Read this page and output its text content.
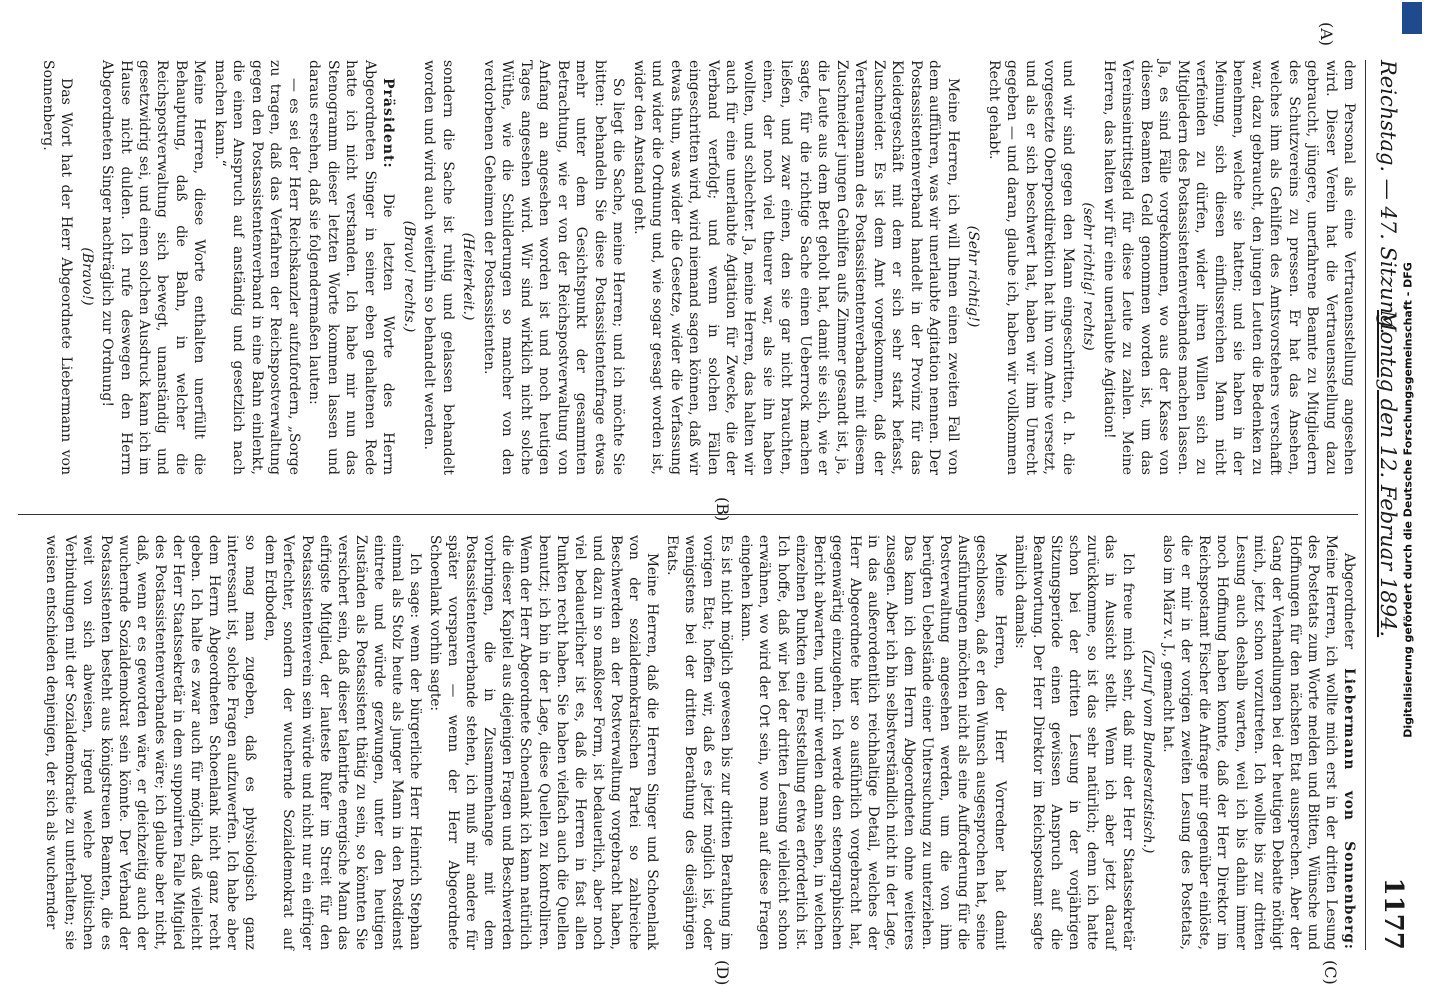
Reichstag. — 47. Sitzung.
Montag den 12. Februar 1894.
1177
(A)
(B)
(C)
(D)

dem Personal als eine Vertrauensstellung angesehen wird. Dieser Verein hat die Vertrauensstellung dazu gebraucht, jüngere, unerfahrene Beamte zu Mitgliedern des Schutzvereins zu pressen. Er hat das Ansehen, welches ihm als Gehilfen des Amtsvorstehers verschafft war, dazu gebraucht, den jungen Leuten die Bedenken zu benehmen, welche sie hatten; und sie haben in der Meinung, sich diesen einflussreichen Mann nicht verfeinden zu dürfen, wider ihren Willen sich zu Mitgliedern des Postassistentenverbandes machen lassen. Ja, es sind Fälle vorgekommen, wo aus der Kasse von diesem Beamten Geld genommen worden ist, um das Vereinseintrittsgeld für diese Leute zu zahlen. Meine Herren, das halten wir für eine unerlaubte Agitation!

(sehr richtig! rechts)

und wir sind gegen den Mann eingeschritten, d. h. die vorgesetzte Oberpostdirektion hat ihn vom Amte versetzt, und als er sich beschwert hat, haben wir ihm Unrecht gegeben — und daran, glaube ich, haben wir vollkommen Recht gehabt.

(Sehr richtig!)

Meine Herren, ich will Ihnen einen zweiten Fall von dem aufführen, was wir unerlaubte Agitation nennen. Der Postassistentenverband handelt in der Provinz für das Kleidergeschäft mit dem er sich sehr stark befasst, Zuschneider. Es ist dem Amt vorgekommen, daß der Vertrauensmann des Postassistentenverbands mit diesem Zuschneider jungen Gehilfen aufs Zimmer gesandt ist, ja, die Leute aus dem Bett geholt hat, damit sie sich, wie er sagte, für die richtige Sache einen Ueberrock machen ließen, und zwar einen, den sie gar nicht brauchten, einen, der noch viel theurer war, als sie ihn haben wollten, und schlechter. Ja, meine Herren, das halten wir auch für eine unerlaubte Agitation für Zwecke, die der Verband verfolgt; und wenn in solchen Fällen eingeschritten wird, wird niemand sagen können, daß wir etwas thun, was wider die Gesetze, wider die Verfassung und wider die Ordnung und, wie sogar gesagt worden ist, wider den Anstand geht.

So liegt die Sache, meine Herren; und ich möchte Sie bitten: behandeln Sie diese Postassistentenfrage etwas mehr unter dem Gesichtspunkt der gesammten Betrachtung, wie er von der Reichspostverwaltung von Anfang an angesehen worden ist und noch heutigen Tages angesehen wird. Wir sind wirklich nicht solche Wüthe, wie die Schilderungen so mancher von den verdorbenen Geheimen der Postassistenten.

(Heiterkeit.)

sondern die Sache ist ruhig und gelassen behandelt worden und wird auch weiterhin so behandelt werden.

(Bravo! rechts.)

Präsident: Die letzten Worte des Herrn Abgeordneten Singer in seiner eben gehaltenen Rede hatte ich nicht verstanden. Ich habe mir nun das Stenogramm dieser letzten Worte kommen lassen und daraus ersehen, daß sie folgendermaßen lauten:

— es sei der Herr Reichskanzler aufzufordern, „Sorge zu tragen, daß das Verfahren der Reichspostverwaltung gegen den Postassistentenverband in eine Bahn einlenkt, die einen Anspruch auf anständig und gesetzlich nach machen kann.“

Meine Herren, diese Worte enthalten unerfüllt die Behauptung, daß die Bahn, in welcher die Reichspostverwaltung sich bewegt, unanständig und gesetzwidrig sei, und einen solchen Ausdruck kann ich im Hause nicht dulden. Ich rufe deswegen den Herrn Abgeordneten Singer nachträglich zur Ordnung!

(Bravo!)

Das Wort hat der Herr Abgeordnete Liebermann von Sonnenberg.

Abgeordneter Liebermann von Sonnenberg: Meine Herren, ich wollte mich erst in der dritten Lesung des Postetats zum Worte melden und Bitten, Wünsche und Hoffnungen für den nächsten Etat aussprechen. Aber der Gang der Verhandlungen bei der heutigen Debatte nöthigt mich, jetzt schon vorzutreten. Ich wollte bis zur dritten Lesung auch deshalb warten, weil ich bis dahin immer noch Hoffnung haben konnte, daß der Herr Direktor im Reichspostamt Fischer die Anfrage mir gegenüber einlöste, die er mir in der vorigen zweiten Lesung des Postetats, also im März v. J., gemacht hat.

(Zuruf vom Bundesratstisch.)

Ich freue mich sehr, daß mir der Herr Staatssekretär das in Aussicht stellt. Wenn ich aber jetzt darauf zurückkomme, so ist das sehr natürlich; denn ich hatte schon bei der dritten Lesung in der vorjährigen Sitzungsperiode einen gewissen Anspruch auf die Beantwortung. Der Herr Direktor im Reichspostamt sagte nämlich damals:

Meine Herren, der Herr Vorredner hat damit geschlossen, daß er den Wunsch ausgesprochen hat, seine Ausführungen möchten nicht als eine Aufforderung für die Postverwaltung angesehen werden, um die von ihm berügten Uebelstände einer Untersuchung zu unterziehen. Das kann ich dem Herrn Abgeordneten ohne weiteres zusagen. Aber ich bin selbstverständlich nicht in der Lage, in das außerordentlich reichhaltige Detail, welches der Herr Abgeordnete hier so ausführlich vorgebracht hat, gegenwärtig einzugehen. Ich werde den stenographischen Bericht abwarten, und mir werden dann sehen, in welchen einzelnen Punkten eine Feststellung etwa erforderlich ist. Ich hoffe, daß wir bei der dritten Lesung vielleicht schon erwähnen, wo wird der Ort sein, wo man auf diese Fragen eingehen kann.

Es ist nicht möglich gewesen bis zur dritten Berathung im vorigen Etat; hoffen wir, daß es jetzt möglich ist, oder wenigstens bei der dritten Berathung des diesjährigen Etats.

Meine Herren, daß die Herren Singer und Schoenlank von der sozialdemokratischen Partei so zahlreiche Beschwerden an der Postverwaltung vorgebracht haben, und dazu in so maßloser Form, ist bedauerlich, aber noch viel bedauerlicher ist es, daß die Herren in fast allen Punkten recht haben. Sie haben vielfach auch die Quellen benutzt; ich bin in der Lage, diese Quellen zu kontrolliren. Wenn der Herr Abgeordnete Schoenlank ich kann natürlich die dieser Kapitel aus diejenigen Fragen und Beschwerden vorbringen, die in Zusammenhange mit dem Postassistentenverbande stehen, ich muß mir andere für später vorsparen — wenn der Herr Abgeordnete Schoenlank vorhin sagte:

Ich sage: wenn der bürgerliche Herr Heinrich Stephan einmal als Stolz heute als junger Mann in den Postdienst eintrete und würde gezwungen, unter den heutigen Zuständen als Postassistent thätig zu sein, so könnten Sie versichert sein, daß dieser talentirte energische Mann das eifrigste Mitglied, der lauteste Rufer im Streit für den Postassistentenverein sein würde und nicht nur ein eifriger Verfechter, sondern der wuchernde Sozialdemokrat auf dem Erdboden,

so mag man zugeben, daß es physiologisch ganz interessant ist, solche Fragen aufzuwerfen. Ich habe aber dem Herrn Abgeordneten Schoenlank nicht ganz recht geben. Ich halte es zwar auch für möglich, daß vielleicht der Herr Staatssekretär in dem supponirten Falle Mitglied des Postassistentenverbandes wäre; ich glaube aber nicht, daß, wenn er es geworden wäre, er gleichzeitig auch der wuchernde Sozialdemokrat sein könnte. Der Verband der Postassistenten besteht aus königstreuen Beamten, die es weit von sich abweisen, irgend welche politischen Verbindungen mit der Sozialdemokratie zu unterhalten; sie weisen entschieden denjenigen, der sich als wuchernder	Digitalisierung gefördert durch die Deutsche Forschungsgemeinschaft - DFG
